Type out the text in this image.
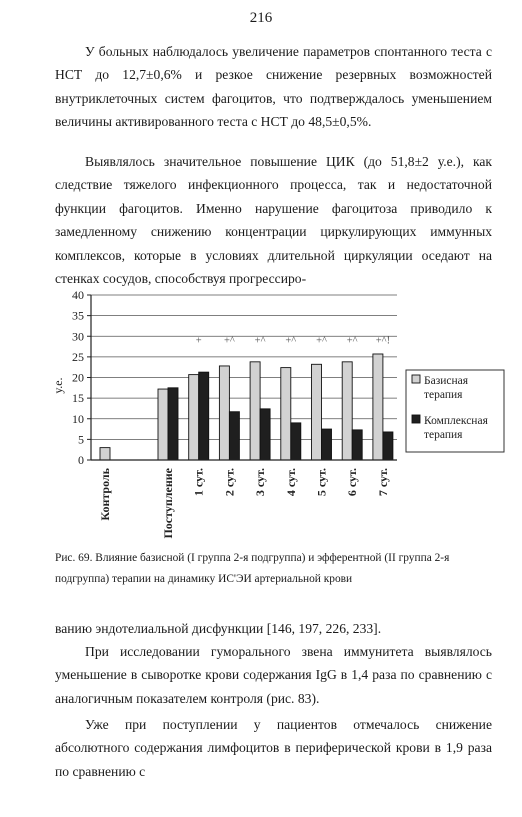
216

У больных наблюдалось увеличение параметров спонтанного теста с НСТ до 12,7±0,6% и резкое снижение резервных возможностей внутриклеточных систем фагоцитов, что подтверждалось уменьшением величины активированного теста с НСТ до 48,5±0,5%.

Выявлялось значительное повышение ЦИК (до 51,8±2 у.е.), как следствие тяжелого инфекционного процесса, так и недостаточной функции фагоцитов. Именно нарушение фагоцитоза приводило к замедленному снижению концентрации циркулирующих иммунных комплексов, которые в условиях длительной циркуляции оседают на стенках сосудов, способствуя прогрессиро-

0
5
10
15
20
25
30
35
40
у.е.
Контроль	Поступление 1 сут.
+
2 сут.
+^
3 сут.
+^
4 сут.
+^
5 сут.
+^
6 сут.
+^
7 сут.
+^!
Базисная терапия
Комплексная терапия

Рис. 69. Влияние базисной (I группа 2-я подгруппа) и эфферентной (II группа 2-я подгруппа) терапии на динамику ИС'ЭИ артериальной крови

ванию эндотелиальной дисфункции [146, 197, 226, 233].

При исследовании гуморального звена иммунитета выявлялось уменьшение в сыворотке крови содержания IgG в 1,4 раза по сравнению с аналогичным показателем контроля (рис. 83).

Уже при поступлении у пациентов отмечалось снижение абсолютного содержания лимфоцитов в периферической крови в 1,9 раза по сравнению с
